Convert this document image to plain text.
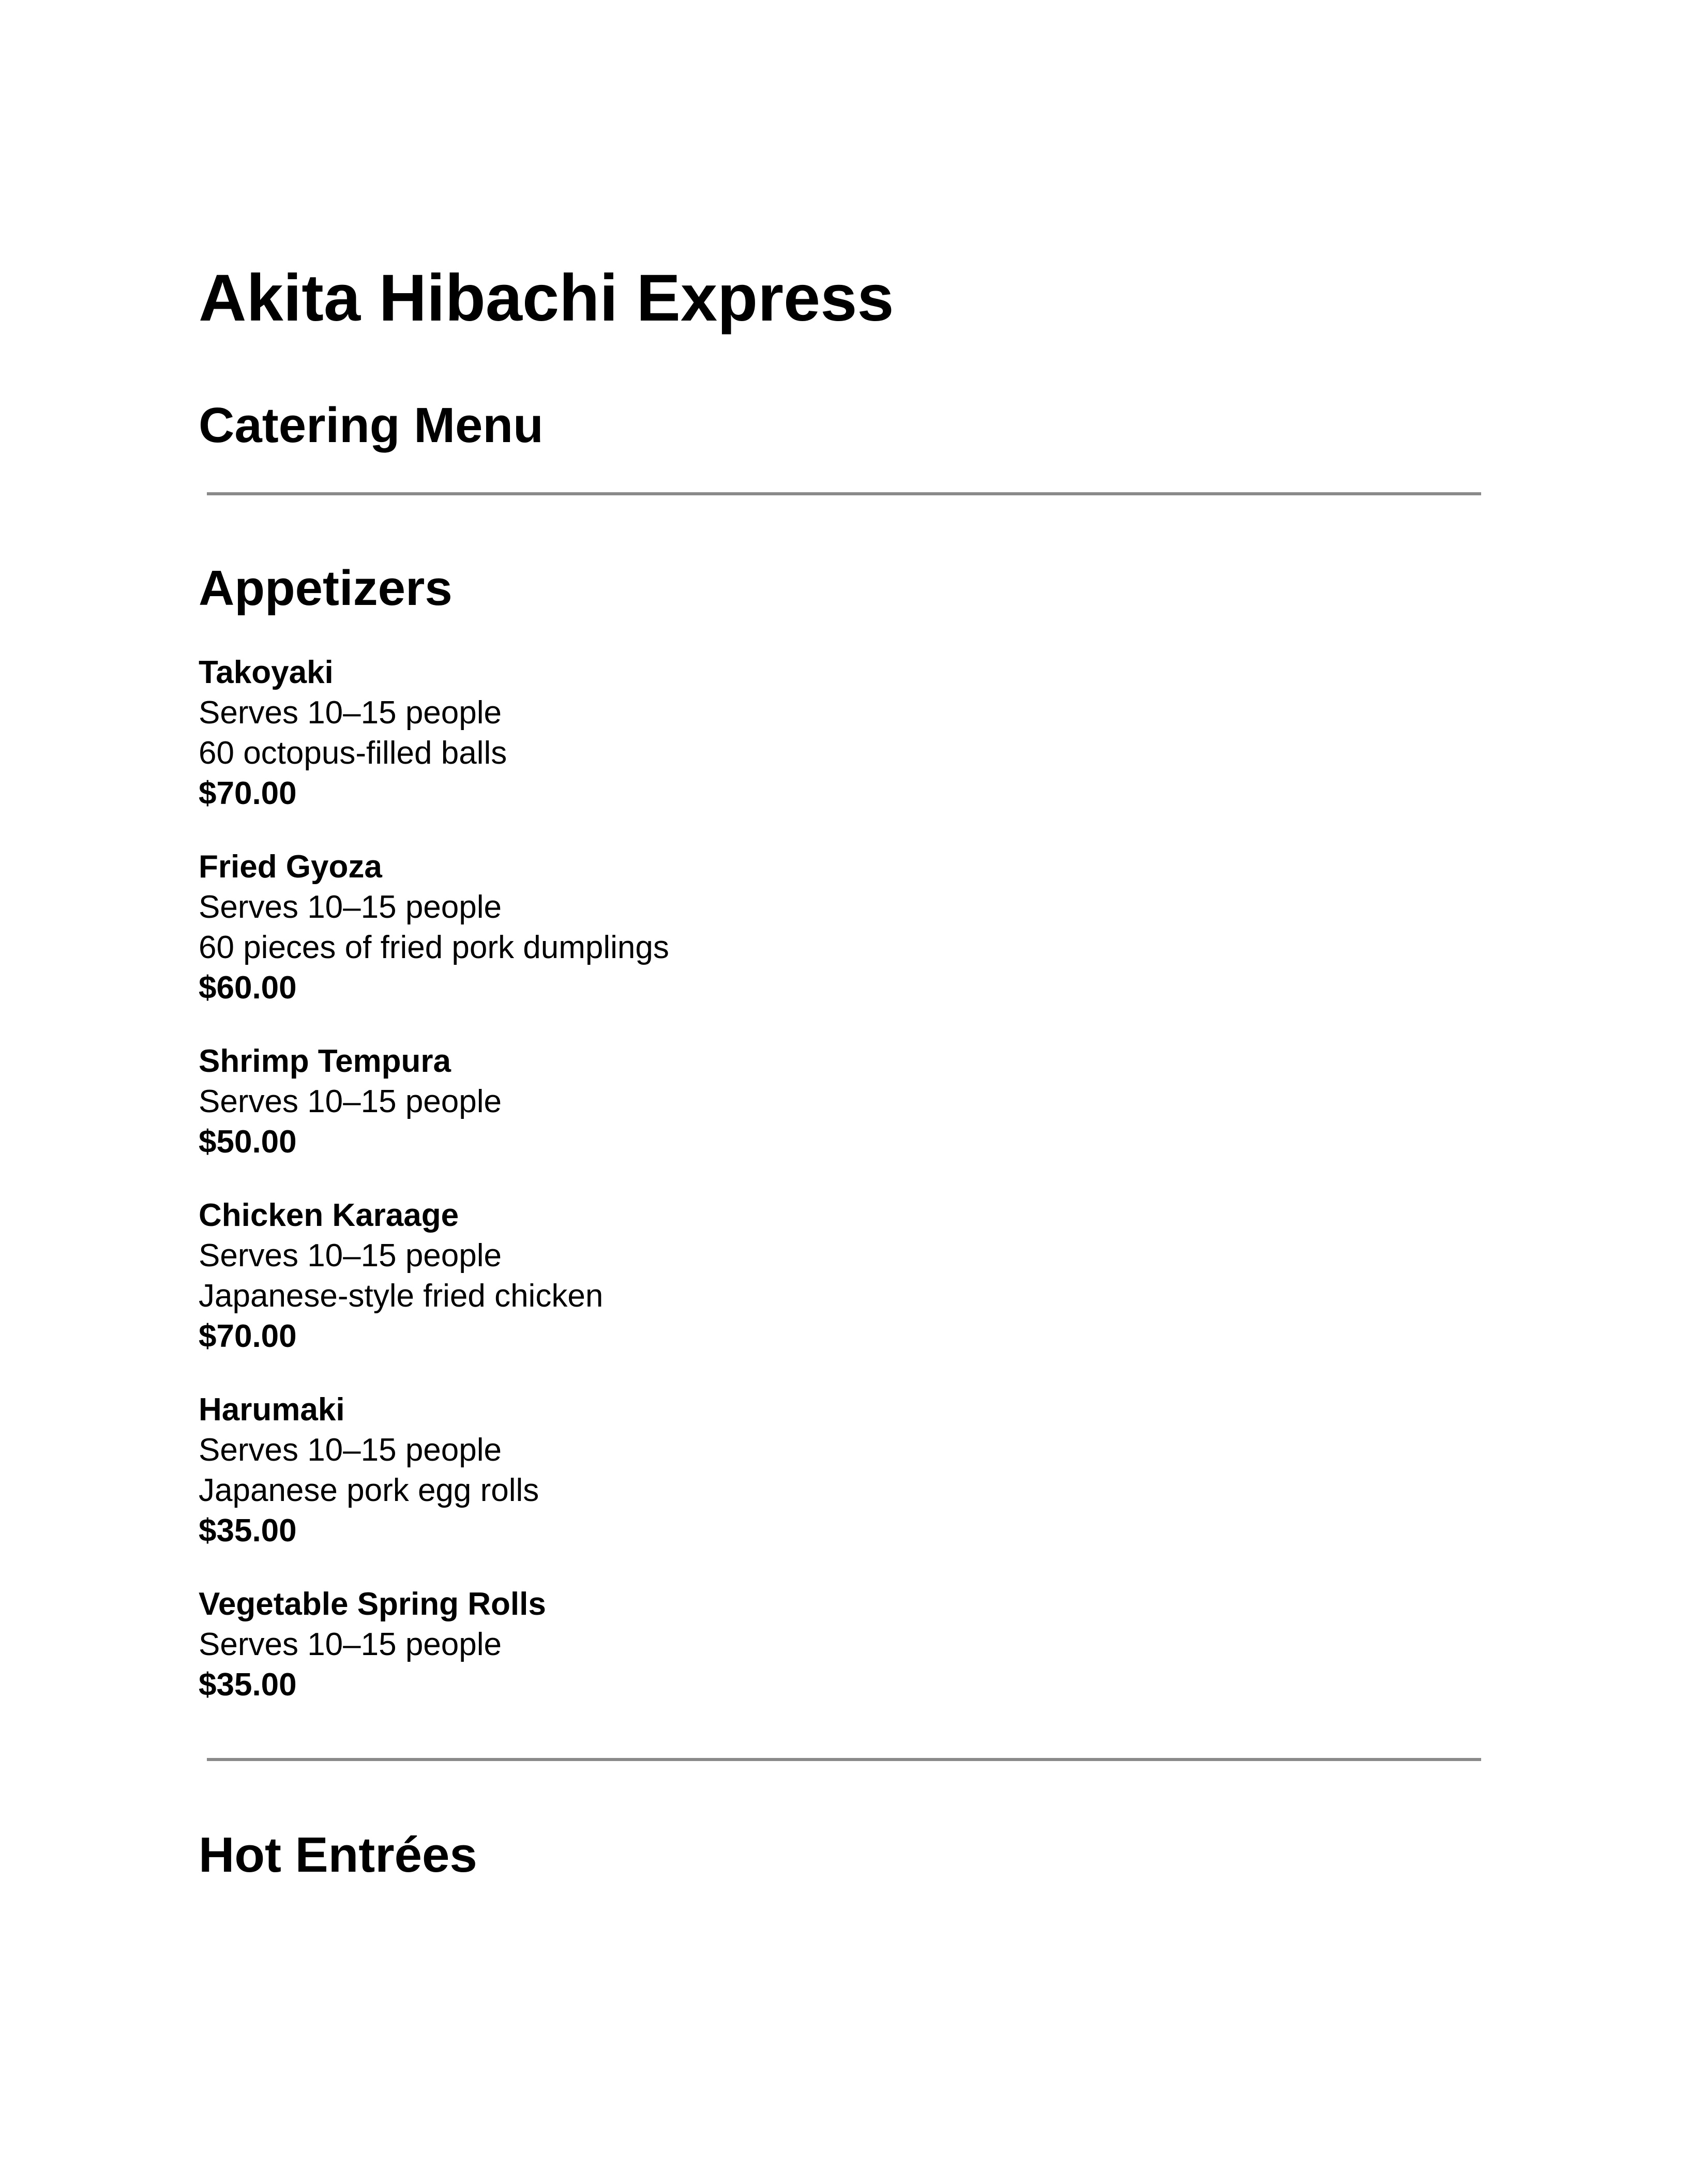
Akita Hibachi Express
Catering Menu
Appetizers
Takoyaki
Serves 10–15 people
60 octopus-filled balls
$70.00
Fried Gyoza
Serves 10–15 people
60 pieces of fried pork dumplings
$60.00
Shrimp Tempura
Serves 10–15 people
$50.00
Chicken Karaage
Serves 10–15 people
Japanese-style fried chicken
$70.00
Harumaki
Serves 10–15 people
Japanese pork egg rolls
$35.00
Vegetable Spring Rolls
Serves 10–15 people
$35.00
Hot Entrées
